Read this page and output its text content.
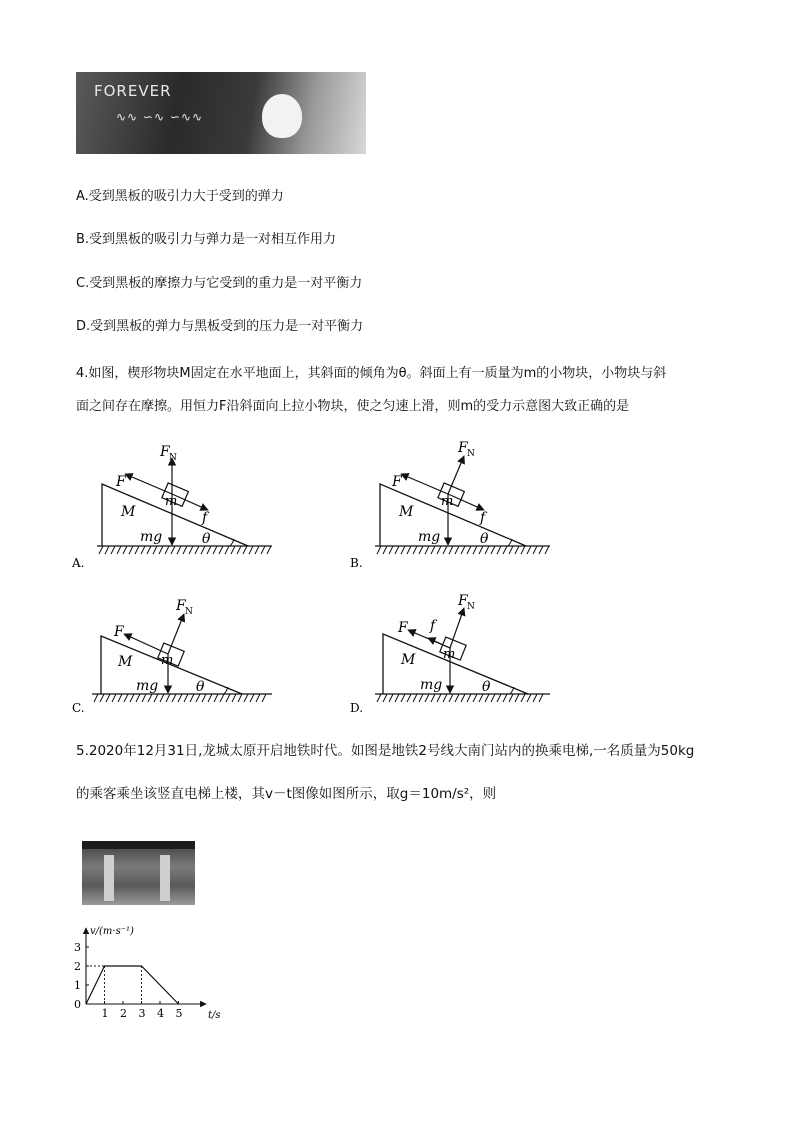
FOREVER
∿∿ ∽∿ ∽∿∿
A.受到黑板的吸引力大于受到的弹力
B.受到黑板的吸引力与弹力是一对相互作用力
C.受到黑板的摩擦力与它受到的重力是一对平衡力
D.受到黑板的弹力与黑板受到的压力是一对平衡力
4.如图，楔形物块M固定在水平地面上，其斜面的倾角为θ。斜面上有一质量为m的小物块，小物块与斜
面之间存在摩擦。用恒力F沿斜面向上拉小物块，使之匀速上滑，则m的受力示意图大致正确的是
F
F N
m
M
mg
f
θ
A.
F
F N
m
M
mg
f
θ
B.
F
F N
m
M
mg	θ
C.
F f
F N
m
M
mg	θ
D.
5.2020年12月31日,龙城太原开启地铁时代。如图是地铁2号线大南门站内的换乘电梯,一名质量为50kg
的乘客乘坐该竖直电梯上楼，其v－t图像如图所示，取g＝10m/s²，则
1 2 3 4 5
0
1
2
3
v/(m·s⁻¹)
t/s
